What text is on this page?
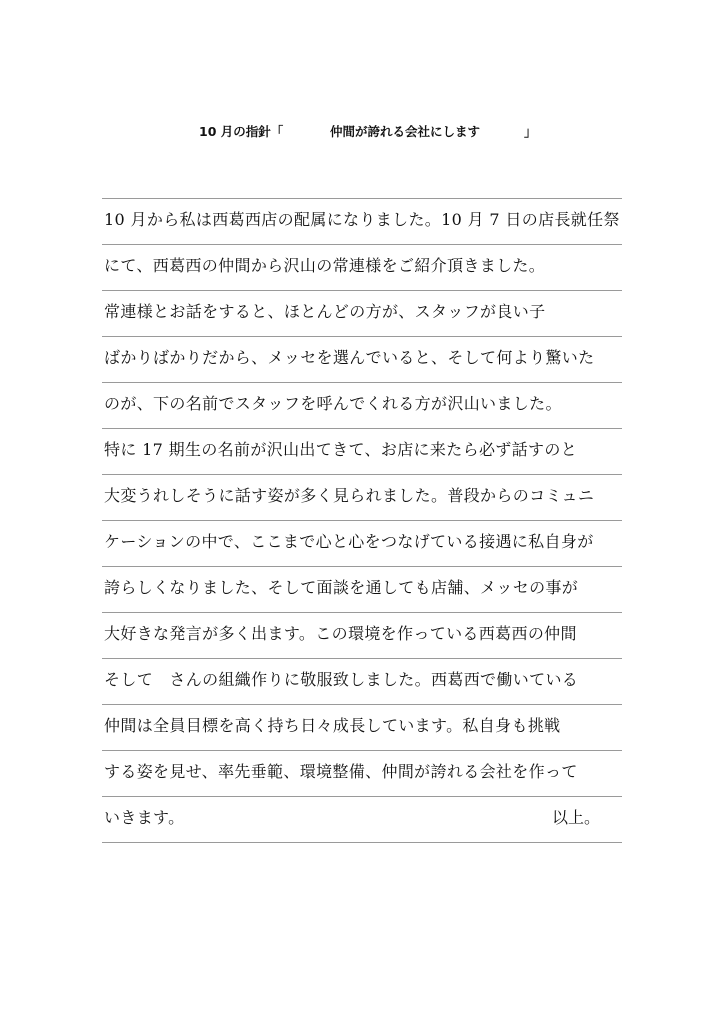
10 月の指針「	仲間が誇れる会社にします	」
10 月から私は西葛西店の配属になりました。10 月 7 日の店長就任祭
にて、西葛西の仲間から沢山の常連様をご紹介頂きました。
常連様とお話をすると、ほとんどの方が、スタッフが良い子
ばかりばかりだから、メッセを選んでいると、そして何より驚いた
のが、下の名前でスタッフを呼んでくれる方が沢山いました。
特に 17 期生の名前が沢山出てきて、お店に来たら必ず話すのと
大変うれしそうに話す姿が多く見られました。普段からのコミュニ
ケーションの中で、ここまで心と心をつなげている接遇に私自身が
誇らしくなりました、そして面談を通しても店舗、メッセの事が
大好きな発言が多く出ます。この環境を作っている西葛西の仲間
そして　さんの組織作りに敬服致しました。西葛西で働いている
仲間は全員目標を高く持ち日々成長しています。私自身も挑戦
する姿を見せ、率先垂範、環境整備、仲間が誇れる会社を作って
いきます。	以上。
